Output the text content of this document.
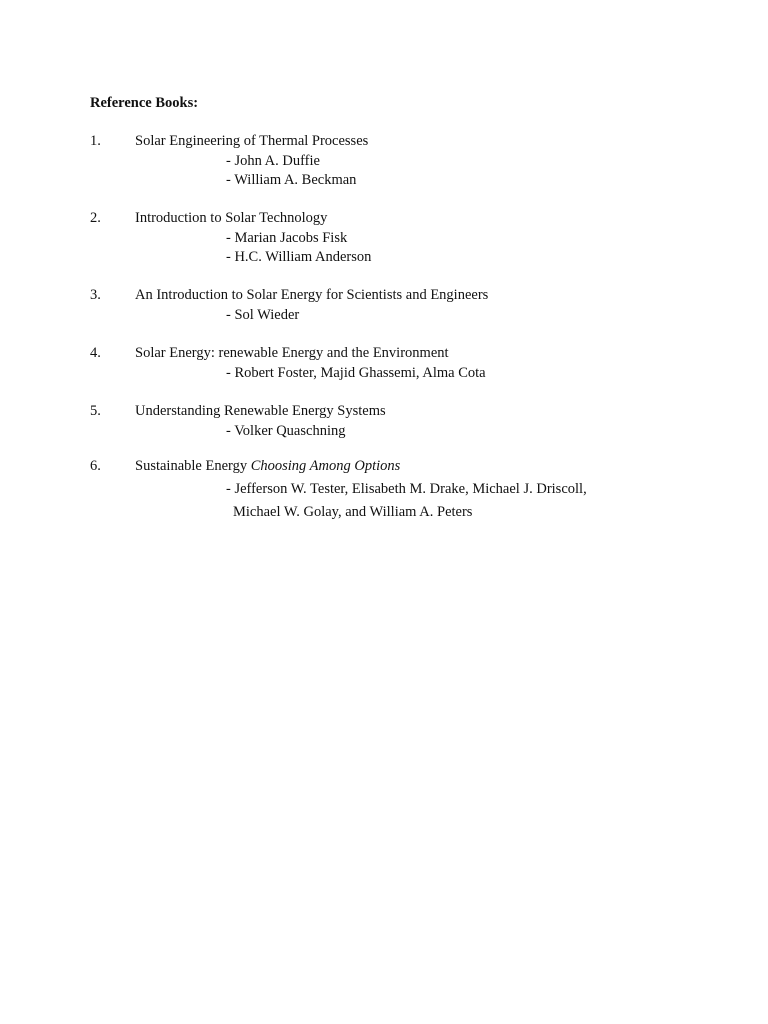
Reference Books:
1. Solar Engineering of Thermal Processes
- John A. Duffie
- William A. Beckman
2. Introduction to Solar Technology
- Marian Jacobs Fisk
- H.C. William Anderson
3. An Introduction to Solar Energy for Scientists and Engineers
- Sol Wieder
4. Solar Energy: renewable Energy and the Environment
- Robert Foster, Majid Ghassemi, Alma Cota
5. Understanding Renewable Energy Systems
- Volker Quaschning
6. Sustainable Energy Choosing Among Options
- Jefferson W. Tester, Elisabeth M. Drake, Michael J. Driscoll,
Michael W. Golay, and William A. Peters
